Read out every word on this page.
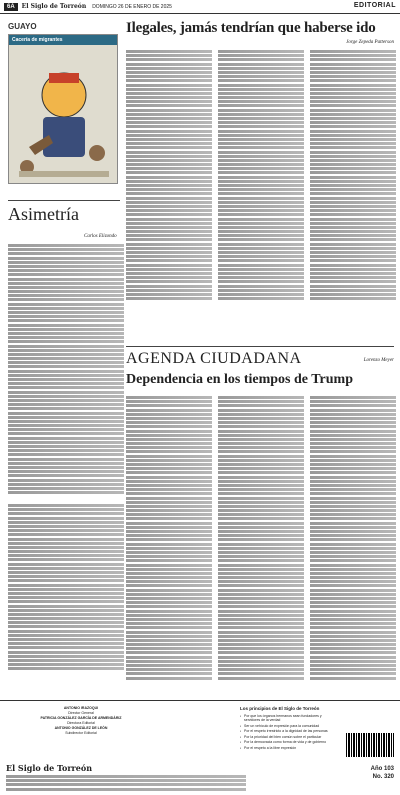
6A	El Siglo de Torreón DOMINGO 26 DE ENERO DE 2025	EDITORIAL
GUAYO
Cacería de migrantes
Ilegales, jamás tendrían que haberse ido
Jorge Zepeda Patterson
Asimetría
Carlos Elizondo
AGENDA CIUDADANA	Lorenzo Meyer
Dependencia en los tiempos de Trump
ANTONIO IRAZOQUI
Director General
PATRICIA GONZÁLEZ GARCÍA DE ARMENDÁRIZ
Directora Editorial
ANTONIO GONZÁLEZ DE LEÓN
Subdirector Editorial
El Siglo de Torreón
Los principios de El Siglo de Torreón
▪ Por que los órganos hermanos sean fundadores y servidores de la verdad
▪ Ser un vehículo de expresión para la comunidad
▪ Por el respeto irrestricto a la dignidad de las personas
▪ Por la prioridad del bien común sobre el particular
▪ Por la democracia como forma de vida y de gobierno
▪ Por el respeto a la libre expresión
Año 103
No. 320
